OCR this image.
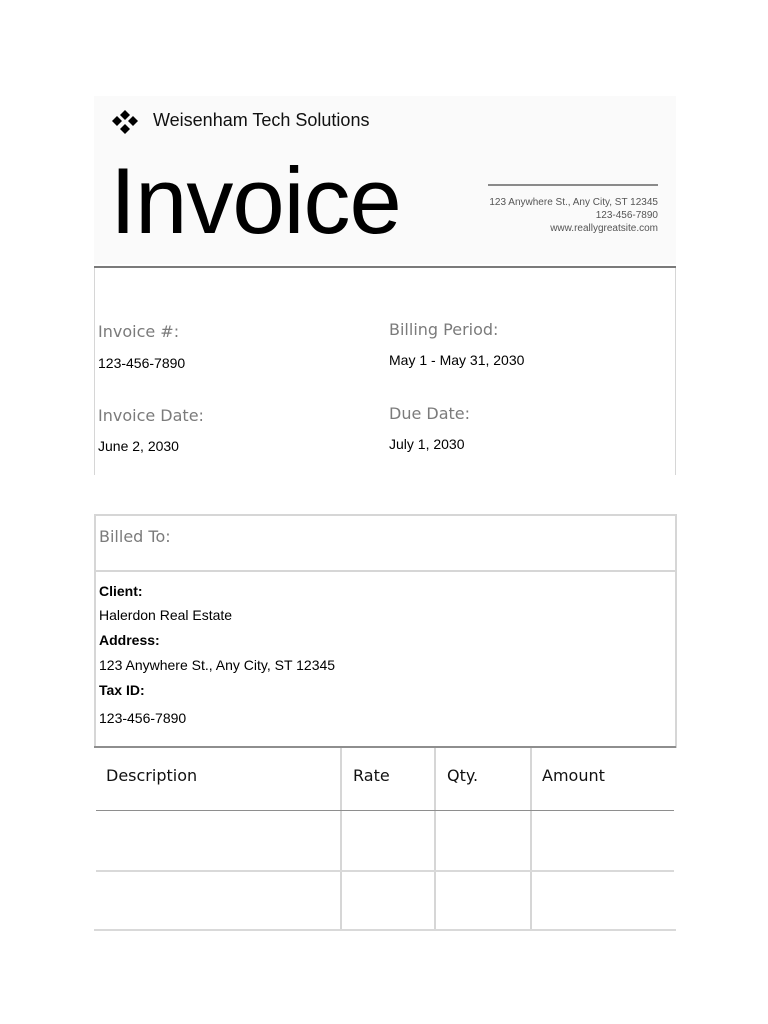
Weisenham Tech Solutions
Invoice	123 Anywhere St., Any City, ST 12345
123-456-7890
www.reallygreatsite.com
Invoice #:
123-456-7890
Billing Period:
May 1 - May 31, 2030
Invoice Date:
June 2, 2030
Due Date:
July 1, 2030
Billed To:
Client:
Halerdon Real Estate
Address:
123 Anywhere St., Any City, ST 12345
Tax ID:
123-456-7890
Description	Rate	Qty.	Amount
